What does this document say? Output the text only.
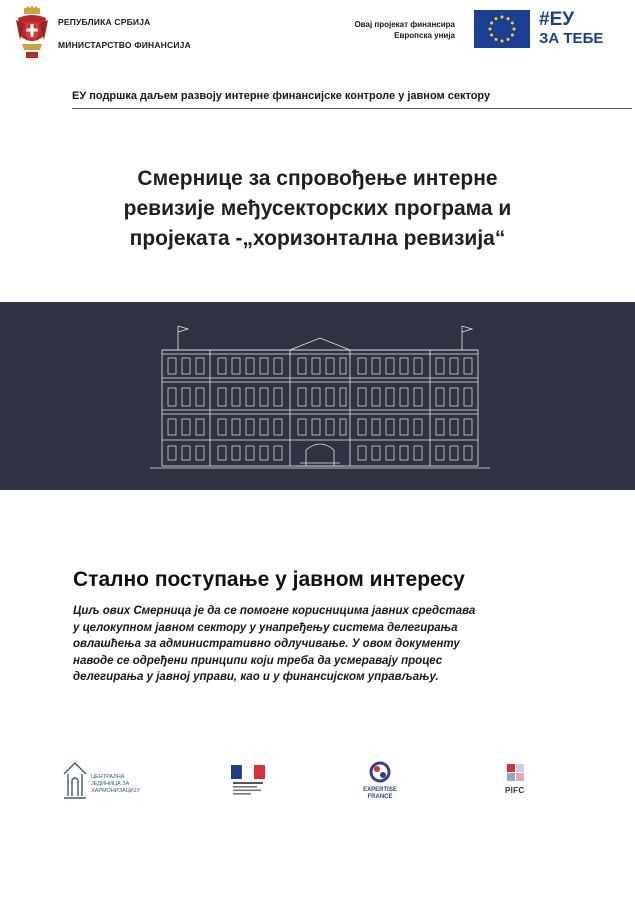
РЕПУБЛИКА СРБИЈА
МИНИСТАРСТВО ФИНАНСИЈА
Овај пројекат финансира
Европска унија
#ЕУ
ЗА ТЕБЕ
ЕУ подршка даљем развоју интерне финансијске контроле у јавном сектору
Смернице за спровођење интерне
ревизије међусекторских програма и
пројеката -„хоризонтална ревизија“
Стално поступање у јавном интересу
Циљ ових Смерница је да се помогне корисницима јавних средстава
у целокупном јавном сектору у унапређењу система делегирања
овлашћења за административно одлучивање. У овом документу
наводе се одређени принципи који треба да усмеравају процес
делегирања у јавној управи, као и у финансијском управљању.
ЦЕНТРАЛНА
ЈЕДИНИЦА ЗА
ХАРМОНИЗАЦИЈУ	EXPERTISE
FRANCE
PIFC
